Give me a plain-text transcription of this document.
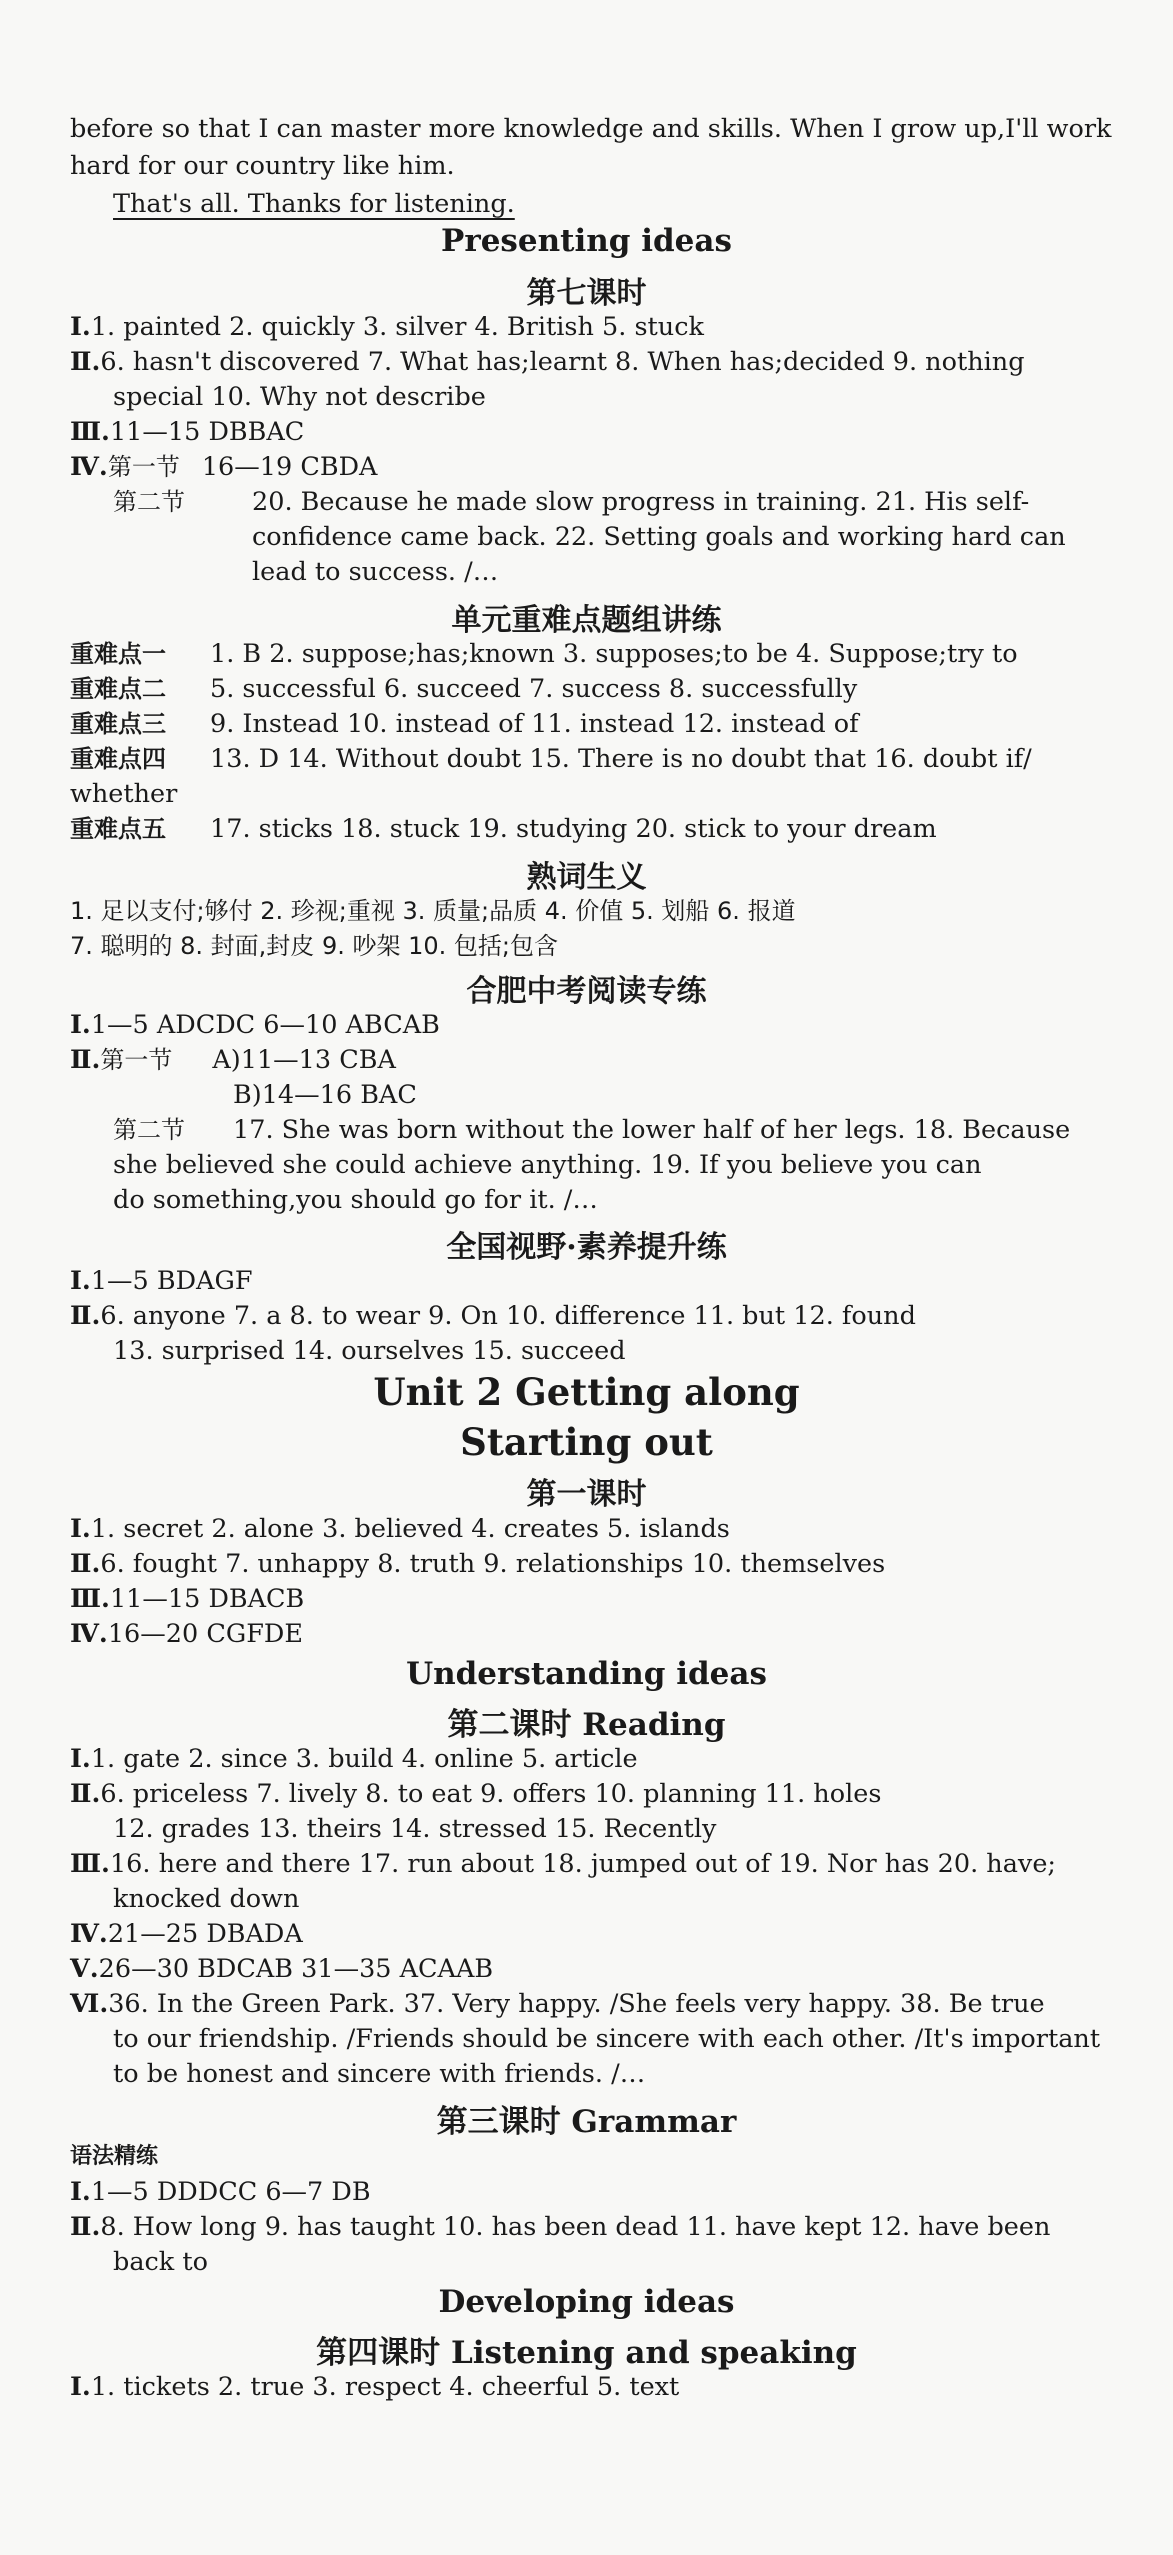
before so that I can master more knowledge and skills. When I grow up,I'll work
hard for our country like him.
That's all. Thanks for listening.
Presenting ideas
第七课时
Ⅰ.1. painted 2. quickly 3. silver 4. British 5. stuck
Ⅱ.6. hasn't discovered 7. What has;learnt 8. When has;decided 9. nothing
special 10. Why not describe
Ⅲ.11—15 DBBAC
Ⅳ.第一节 16—19 CBDA
第二节	20. Because he made slow progress in training. 21. His self-
confidence came back. 22. Setting goals and working hard can
lead to success. /…
单元重难点题组讲练
重难点一 1. B 2. suppose;has;known 3. supposes;to be 4. Suppose;try to
重难点二 5. successful 6. succeed 7. success 8. successfully
重难点三 9. Instead 10. instead of 11. instead 12. instead of
重难点四 13. D 14. Without doubt 15. There is no doubt that 16. doubt if/
whether
重难点五 17. sticks 18. stuck 19. studying 20. stick to your dream
熟词生义
1. 足以支付;够付 2. 珍视;重视 3. 质量;品质 4. 价值 5. 划船 6. 报道
7. 聪明的 8. 封面,封皮 9. 吵架 10. 包括;包含
合肥中考阅读专练
Ⅰ.1—5 ADCDC 6—10 ABCAB
Ⅱ.第一节 A)11—13 CBA
B)14—16 BAC
第二节	17. She was born without the lower half of her legs. 18. Because
she believed she could achieve anything. 19. If you believe you can
do something,you should go for it. /…
全国视野·素养提升练
Ⅰ.1—5 BDAGF
Ⅱ.6. anyone 7. a 8. to wear 9. On 10. difference 11. but 12. found
13. surprised 14. ourselves 15. succeed
Unit 2 Getting along
Starting out
第一课时
Ⅰ.1. secret 2. alone 3. believed 4. creates 5. islands
Ⅱ.6. fought 7. unhappy 8. truth 9. relationships 10. themselves
Ⅲ.11—15 DBACB
Ⅳ.16—20 CGFDE
Understanding ideas
第二课时 Reading
Ⅰ.1. gate 2. since 3. build 4. online 5. article
Ⅱ.6. priceless 7. lively 8. to eat 9. offers 10. planning 11. holes
12. grades 13. theirs 14. stressed 15. Recently
Ⅲ.16. here and there 17. run about 18. jumped out of 19. Nor has 20. have;
knocked down
Ⅳ.21—25 DBADA
Ⅴ.26—30 BDCAB 31—35 ACAAB
Ⅵ.36. In the Green Park. 37. Very happy. /She feels very happy. 38. Be true
to our friendship. /Friends should be sincere with each other. /It's important
to be honest and sincere with friends. /…
第三课时 Grammar
语法精练
Ⅰ.1—5 DDDCC 6—7 DB
Ⅱ.8. How long 9. has taught 10. has been dead 11. have kept 12. have been
back to
Developing ideas
第四课时 Listening and speaking
Ⅰ.1. tickets 2. true 3. respect 4. cheerful 5. text
